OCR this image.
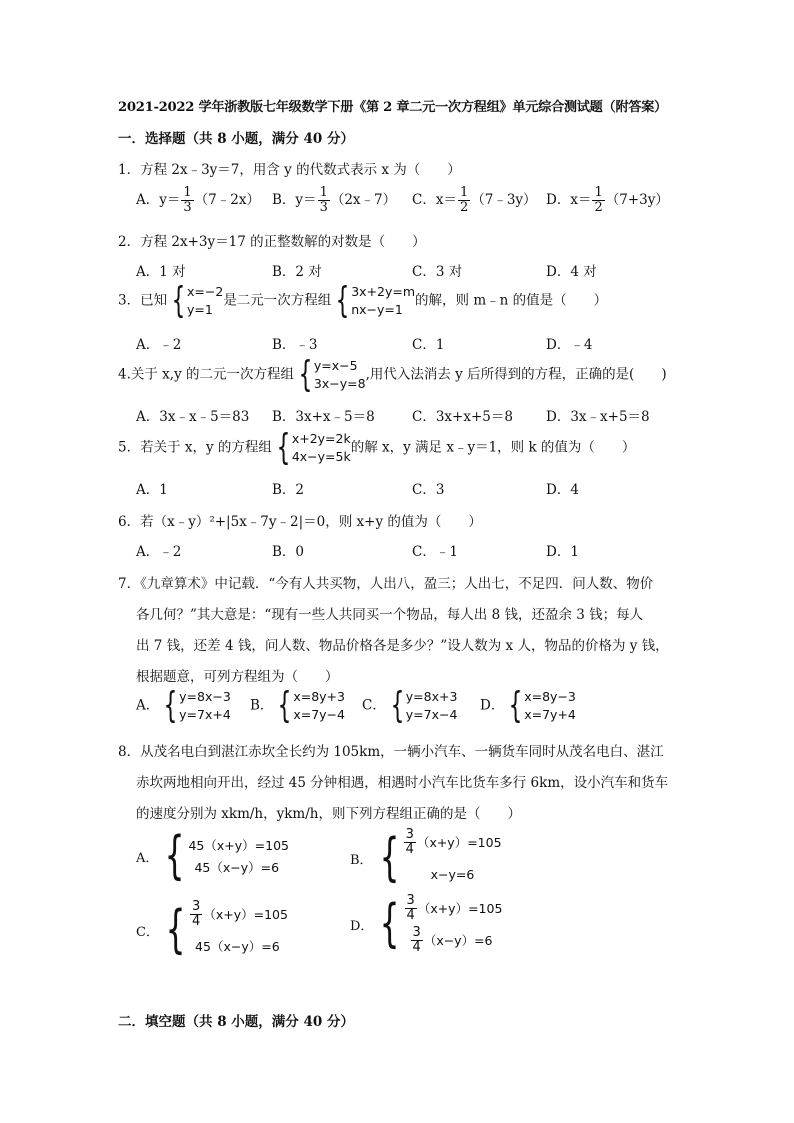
2021-2022 学年浙教版七年级数学下册《第 2 章二元一次方程组》单元综合测试题（附答案）
一．选择题（共 8 小题，满分 40 分）
1．方程 2x﹣3y＝7，用含 y 的代数式表示 x 为（　　）
A．$y= \frac{1}{3}$ （7﹣2x） B．$y= \frac{1}{3}$ （2x﹣7） C．$x= \frac{1}{2}$ （7﹣3y） D．$x= \frac{1}{2} (7+3y)$
2．方程 2x+3y＝17 的正整数解的对数是（　　）
A．1 对	B．2 对	C．3 对	D．4 对
3．已知 { x=−2
y=1
是二元一次方程组 { 3x+2y=m
nx−y=1
的解，则 m﹣n 的值是（　　）
A．﹣2	B．﹣3	C．1	D．﹣4
4.关于 x,y 的二元一次方程组 { y=x−5
3x−y=8
,用代入法消去 y 后所得到的方程，正确的是(　　)
A．3x﹣x﹣5＝83 B．3x+x﹣5＝8	C．3x+x+5＝8 D．3x﹣x+5＝8
5．若关于 x，y 的方程组 { x+2y=2k
4x−y=5k
的解 x，y 满足 x﹣y＝1，则 k 的值为（　　）
A．1	B．2	C．3	D．4
6．若（x﹣y）²+|5x﹣7y﹣2|＝0，则 x+y 的值为（　　）
A．﹣2	B．0	C．﹣1	D．1
7．《九章算术》中记载．“今有人共买物，人出八，盈三；人出七，不足四．问人数、物价
各几何？”其大意是：“现有一些人共同买一个物品，每人出 8 钱，还盈余 3 钱；每人
出 7 钱，还差 4 钱，问人数、物品价格各是多少？”设人数为 x 人，物品的价格为 y 钱，
根据题意，可列方程组为（　　）
A． { y=8x−3
y=7x+4
B． { x=8y+3
x=7y−4
C． { y=8x+3
y=7x−4
D． { x=8y−3
x=7y+4
8．从茂名电白到湛江赤坎全长约为 105km，一辆小汽车、一辆货车同时从茂名电白、湛江
赤坎两地相向开出，经过 45 分钟相遇，相遇时小汽车比货车多行 6km，设小汽车和货车
的速度分别为 xkm/h，ykm/h，则下列方程组正确的是（　　）
A． { 45（x+y）=105
45（x−y）=6	B． { $\frac{3}{4} (x+y)=105$
x−y=6
C． { $\frac{3}{4} (x+y)=105$
45（x−y）=6
D． { $\frac{3}{4} (x+y)=105$
$\frac{3}{4} (x-y)=6$
二．填空题（共 8 小题，满分 40 分）
